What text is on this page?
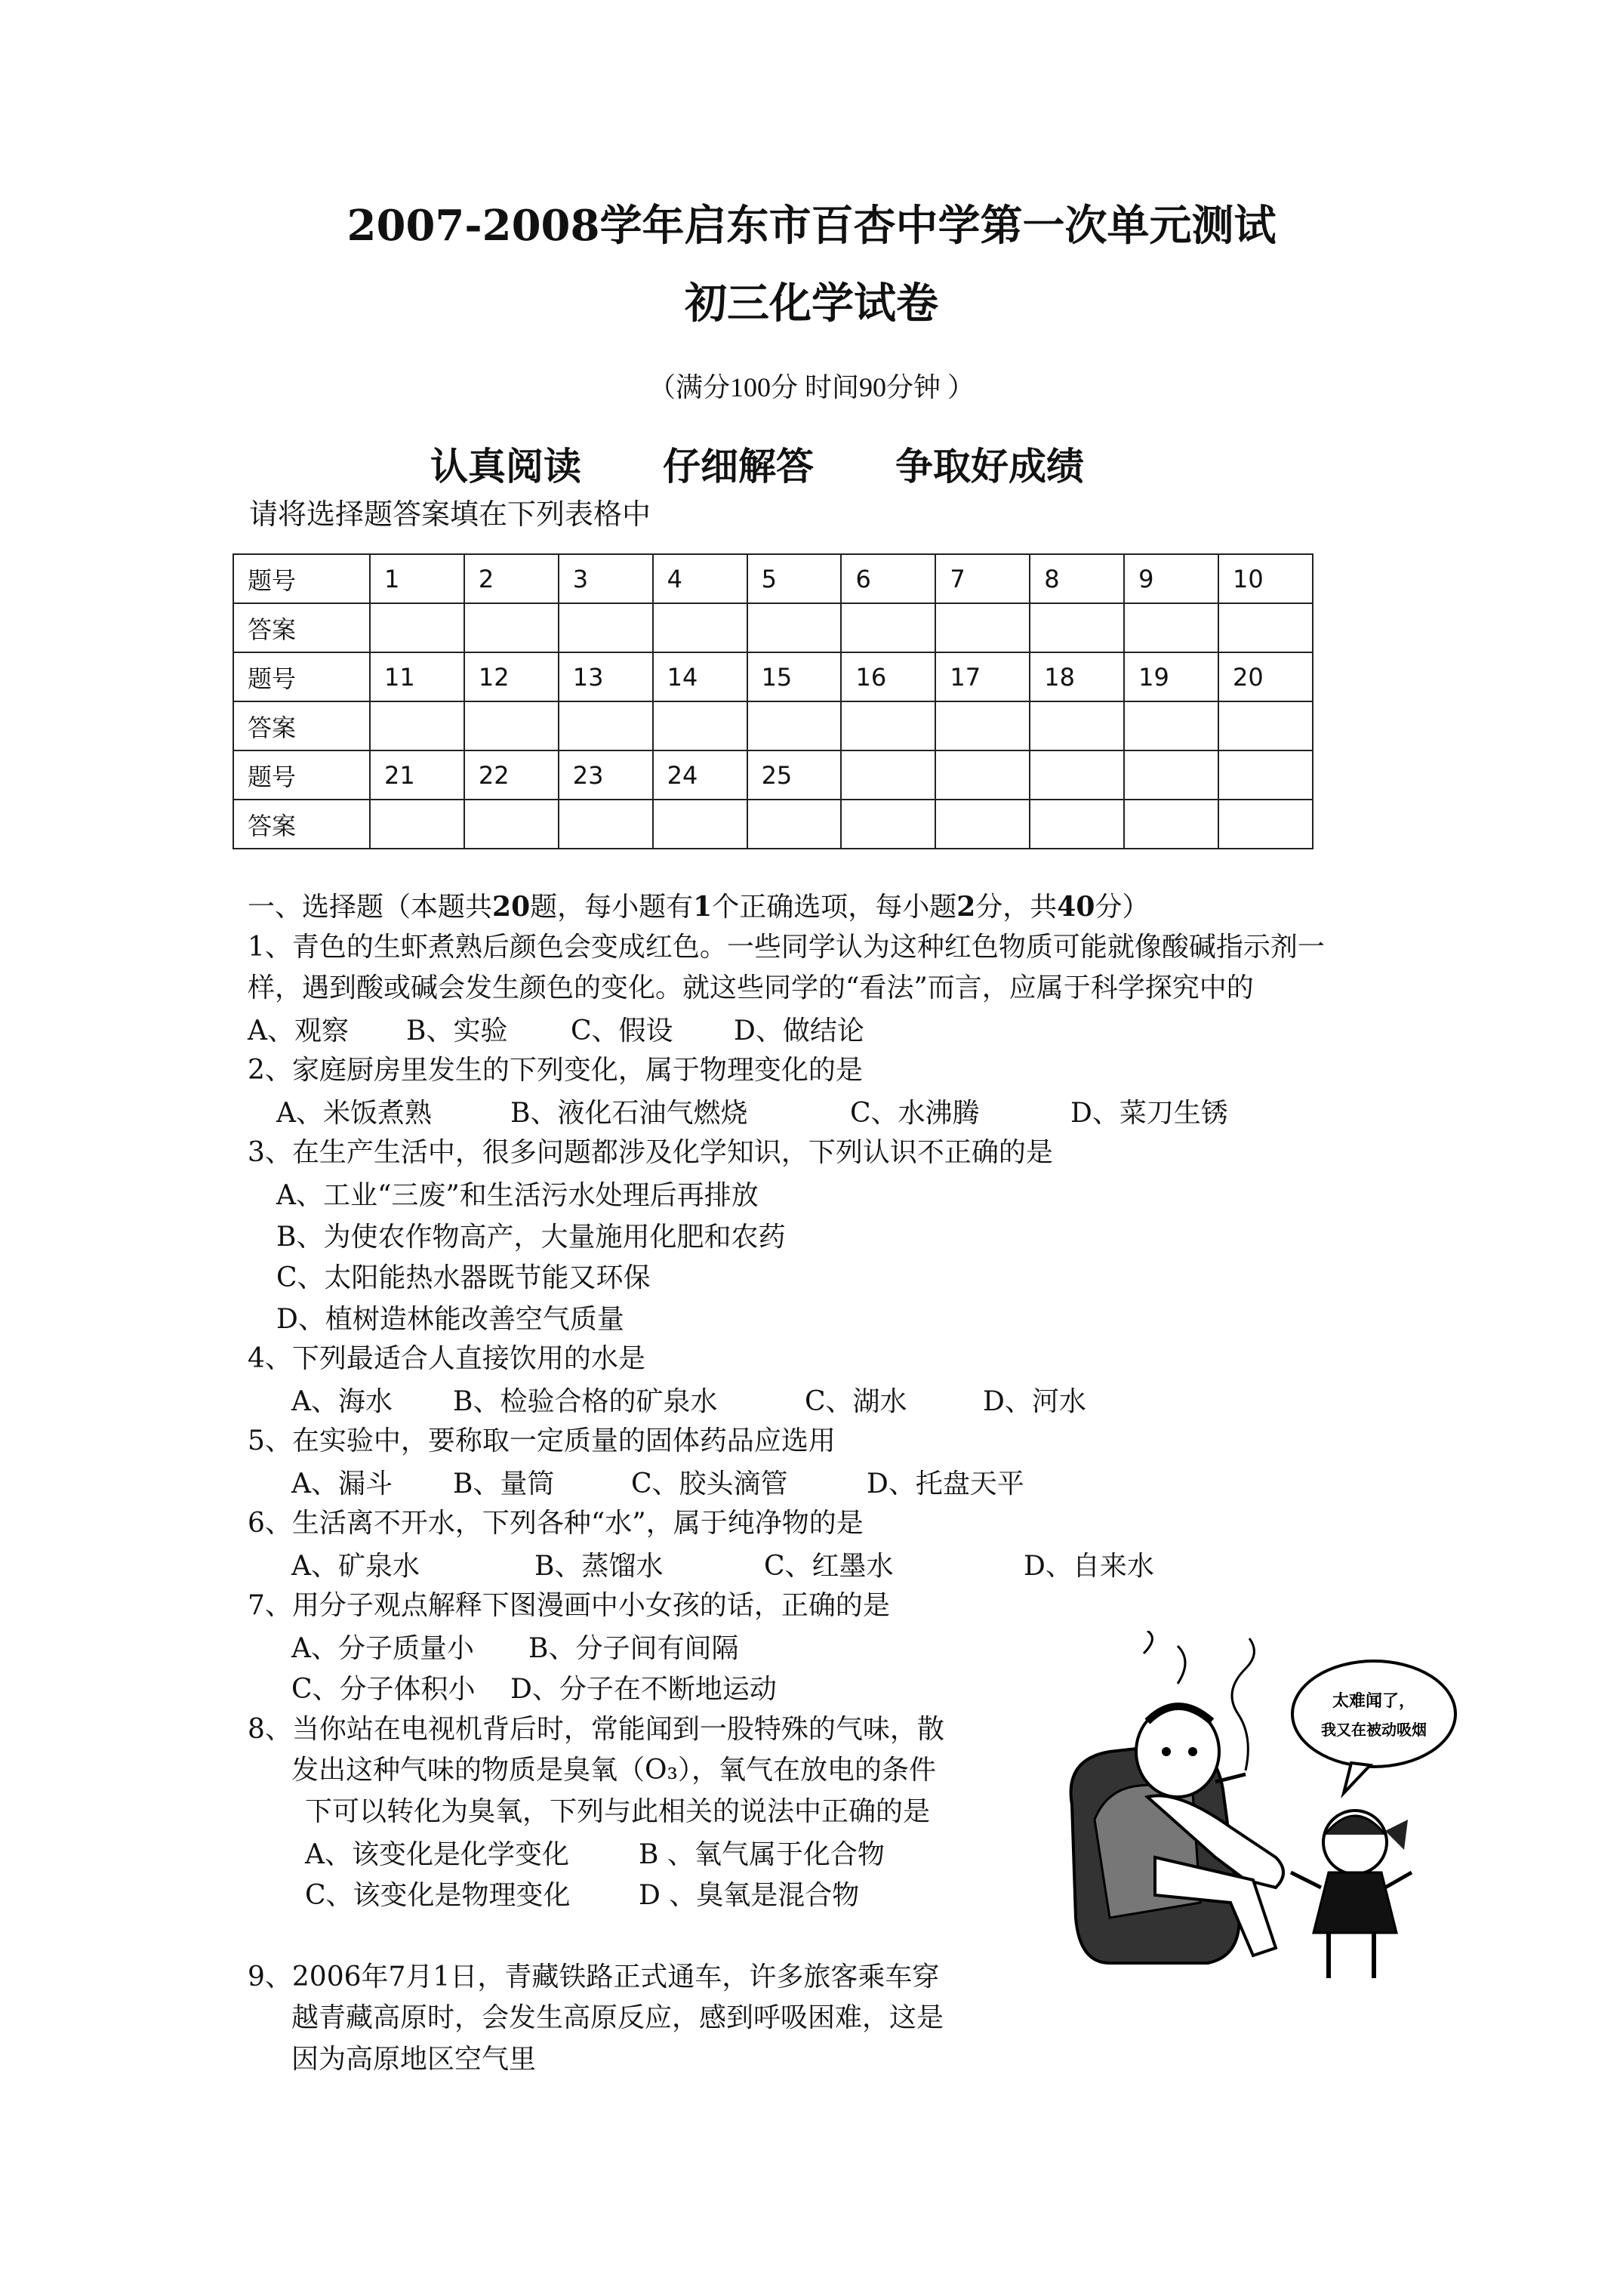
2007-2008学年启东市百杏中学第一次单元测试
初三化学试卷
（满分100分 时间90分钟 ）
认真阅读 仔细解答 争取好成绩
请将选择题答案填在下列表格中
题号	1	2	3	4	5	6	7	8	9	10
答案										
题号	11	12	13	14	15	16	17	18	19	20
答案										
题号	21	22	23	24	25					
答案										
一、选择题（本题共20题，每小题有1个正确选项，每小题2分，共40分）
1、青色的生虾煮熟后颜色会变成红色。一些同学认为这种红色物质可能就像酸碱指示剂一
样，遇到酸或碱会发生颜色的变化。就这些同学的“看法”而言，应属于科学探究中的
A、观察 B、实验 C、假设 D、做结论
2、家庭厨房里发生的下列变化，属于物理变化的是
A、米饭煮熟	B、液化石油气燃烧	C、水沸腾	D、菜刀生锈
3、在生产生活中，很多问题都涉及化学知识，下列认识不正确的是
A、工业“三废”和生活污水处理后再排放
B、为使农作物高产，大量施用化肥和农药
C、太阳能热水器既节能又环保
D、植树造林能改善空气质量
4、下列最适合人直接饮用的水是
A、海水 B、检验合格的矿泉水	C、湖水	D、河水
5、在实验中，要称取一定质量的固体药品应选用
A、漏斗 B、量筒	C、胶头滴管	D、托盘天平
6、生活离不开水，下列各种“水”，属于纯净物的是
A、矿泉水	B、蒸馏水	C、红墨水	D、自来水
7、用分子观点解释下图漫画中小女孩的话，正确的是
A、分子质量小 B、分子间有间隔
C、分子体积小 D、分子在不断地运动
8、当你站在电视机背后时，常能闻到一股特殊的气味，散
发出这种气味的物质是臭氧（O₃），氧气在放电的条件
下可以转化为臭氧，下列与此相关的说法中正确的是
A、该变化是化学变化	B 、氧气属于化合物
C、该变化是物理变化	D 、臭氧是混合物
9、2006年7月1日，青藏铁路正式通车，许多旅客乘车穿
越青藏高原时，会发生高原反应，感到呼吸困难，这是
因为高原地区空气里
太难闻了，
我又在被动吸烟
